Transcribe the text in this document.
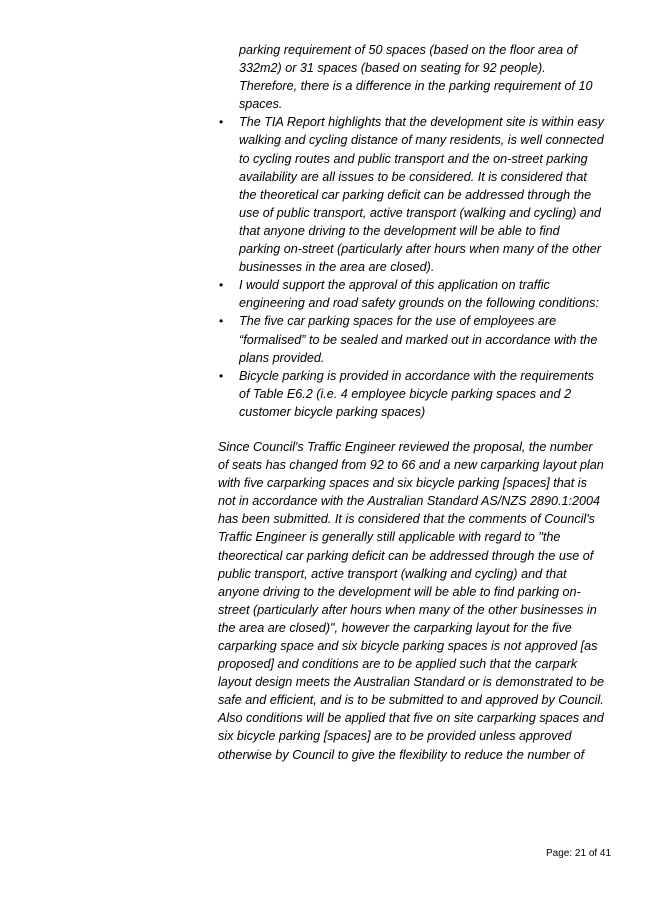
parking requirement of 50 spaces (based on the floor area of 332m2) or 31 spaces (based on seating for 92 people). Therefore, there is a difference in the parking requirement of 10 spaces.

• The TIA Report highlights that the development site is within easy walking and cycling distance of many residents, is well connected to cycling routes and public transport and the on-street parking availability are all issues to be considered. It is considered that the theoretical car parking deficit can be addressed through the use of public transport, active transport (walking and cycling) and that anyone driving to the development will be able to find parking on-street (particularly after hours when many of the other businesses in the area are closed).
• I would support the approval of this application on traffic engineering and road safety grounds on the following conditions:
• The five car parking spaces for the use of employees are “formalised” to be sealed and marked out in accordance with the plans provided.
• Bicycle parking is provided in accordance with the requirements of Table E6.2 (i.e. 4 employee bicycle parking spaces and 2 customer bicycle parking spaces)

Since Council's Traffic Engineer reviewed the proposal, the number of seats has changed from 92 to 66 and a new carparking layout plan with five carparking spaces and six bicycle parking [spaces] that is not in accordance with the Australian Standard AS/NZS 2890.1:2004 has been submitted. It is considered that the comments of Council's Traffic Engineer is generally still applicable with regard to "the theorectical car parking deficit can be addressed through the use of public transport, active transport (walking and cycling) and that anyone driving to the development will be able to find parking on-street (particularly after hours when many of the other businesses in the area are closed)", however the carparking layout for the five carparking space and six bicycle parking spaces is not approved [as proposed] and conditions are to be applied such that the carpark layout design meets the Australian Standard or is demonstrated to be safe and efficient, and is to be submitted to and approved by Council. Also conditions will be applied that five on site carparking spaces and six bicycle parking [spaces] are to be provided unless approved otherwise by Council to give the flexibility to reduce the number of

Page: 21 of 41
